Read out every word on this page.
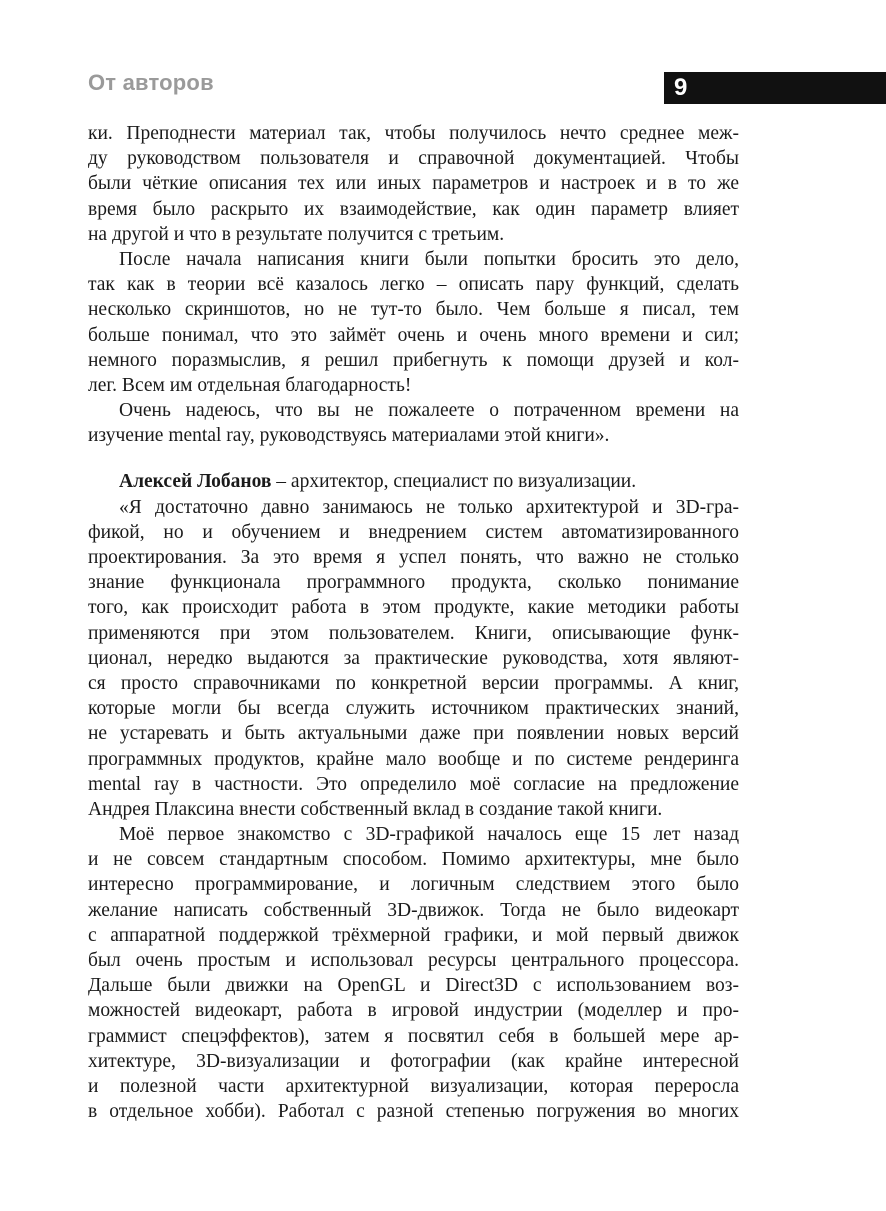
От авторов	9
ки. Преподнести материал так, чтобы получилось нечто среднее меж-
ду руководством пользователя и справочной документацией. Чтобы
были чёткие описания тех или иных параметров и настроек и в то же
время было раскрыто их взаимодействие, как один параметр влияет
на другой и что в результате получится с третьим.
После начала написания книги были попытки бросить это дело,
так как в теории всё казалось легко – описать пару функций, сделать
несколько скриншотов, но не тут-то было. Чем больше я писал, тем
больше понимал, что это займёт очень и очень много времени и сил;
немного поразмыслив, я решил прибегнуть к помощи друзей и кол-
лег. Всем им отдельная благодарность!
Очень надеюсь, что вы не пожалеете о потраченном времени на
изучение mental ray, руководствуясь материалами этой книги».
Алексей Лобанов – архитектор, специалист по визуализации.
«Я достаточно давно занимаюсь не только архитектурой и 3D-гра-
фикой, но и обучением и внедрением систем автоматизированного
проектирования. За это время я успел понять, что важно не столько
знание функционала программного продукта, сколько понимание
того, как происходит работа в этом продукте, какие методики работы
применяются при этом пользователем. Книги, описывающие функ-
ционал, нередко выдаются за практические руководства, хотя являют-
ся просто справочниками по конкретной версии программы. А книг,
которые могли бы всегда служить источником практических знаний,
не устаревать и быть актуальными даже при появлении новых версий
программных продуктов, крайне мало вообще и по системе рендеринга
mental ray в частности. Это определило моё согласие на предложение
Андрея Плаксина внести собственный вклад в создание такой книги.
Моё первое знакомство с 3D-графикой началось еще 15 лет назад
и не совсем стандартным способом. Помимо архитектуры, мне было
интересно программирование, и логичным следствием этого было
желание написать собственный 3D-движок. Тогда не было видеокарт
с аппаратной поддержкой трёхмерной графики, и мой первый движок
был очень простым и использовал ресурсы центрального процессора.
Дальше были движки на OpenGL и Direct3D с использованием воз-
можностей видеокарт, работа в игровой индустрии (моделлер и про-
граммист спецэффектов), затем я посвятил себя в большей мере ар-
хитектуре, 3D-визуализации и фотографии (как крайне интересной
и полезной части архитектурной визуализации, которая переросла
в отдельное хобби). Работал с разной степенью погружения во многих
